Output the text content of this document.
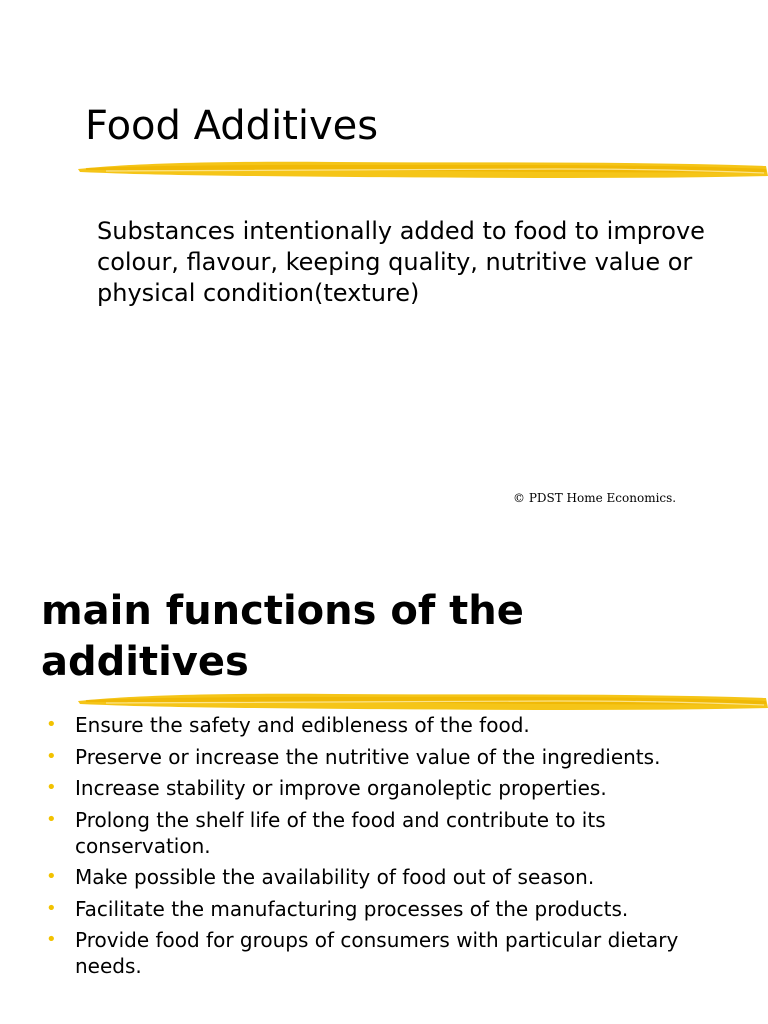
Food Additives

Substances intentionally added to food to improve colour, flavour, keeping quality, nutritive value or physical condition(texture)

© PDST Home Economics.
main functions of the additives
• Ensure the safety and edibleness of the food.
• Preserve or increase the nutritive value of the ingredients.
• Increase stability or improve organoleptic properties.
• Prolong the shelf life of the food and contribute to its conservation.
• Make possible the availability of food out of season.
• Facilitate the manufacturing processes of the products.
• Provide food for groups of consumers with particular dietary needs.
